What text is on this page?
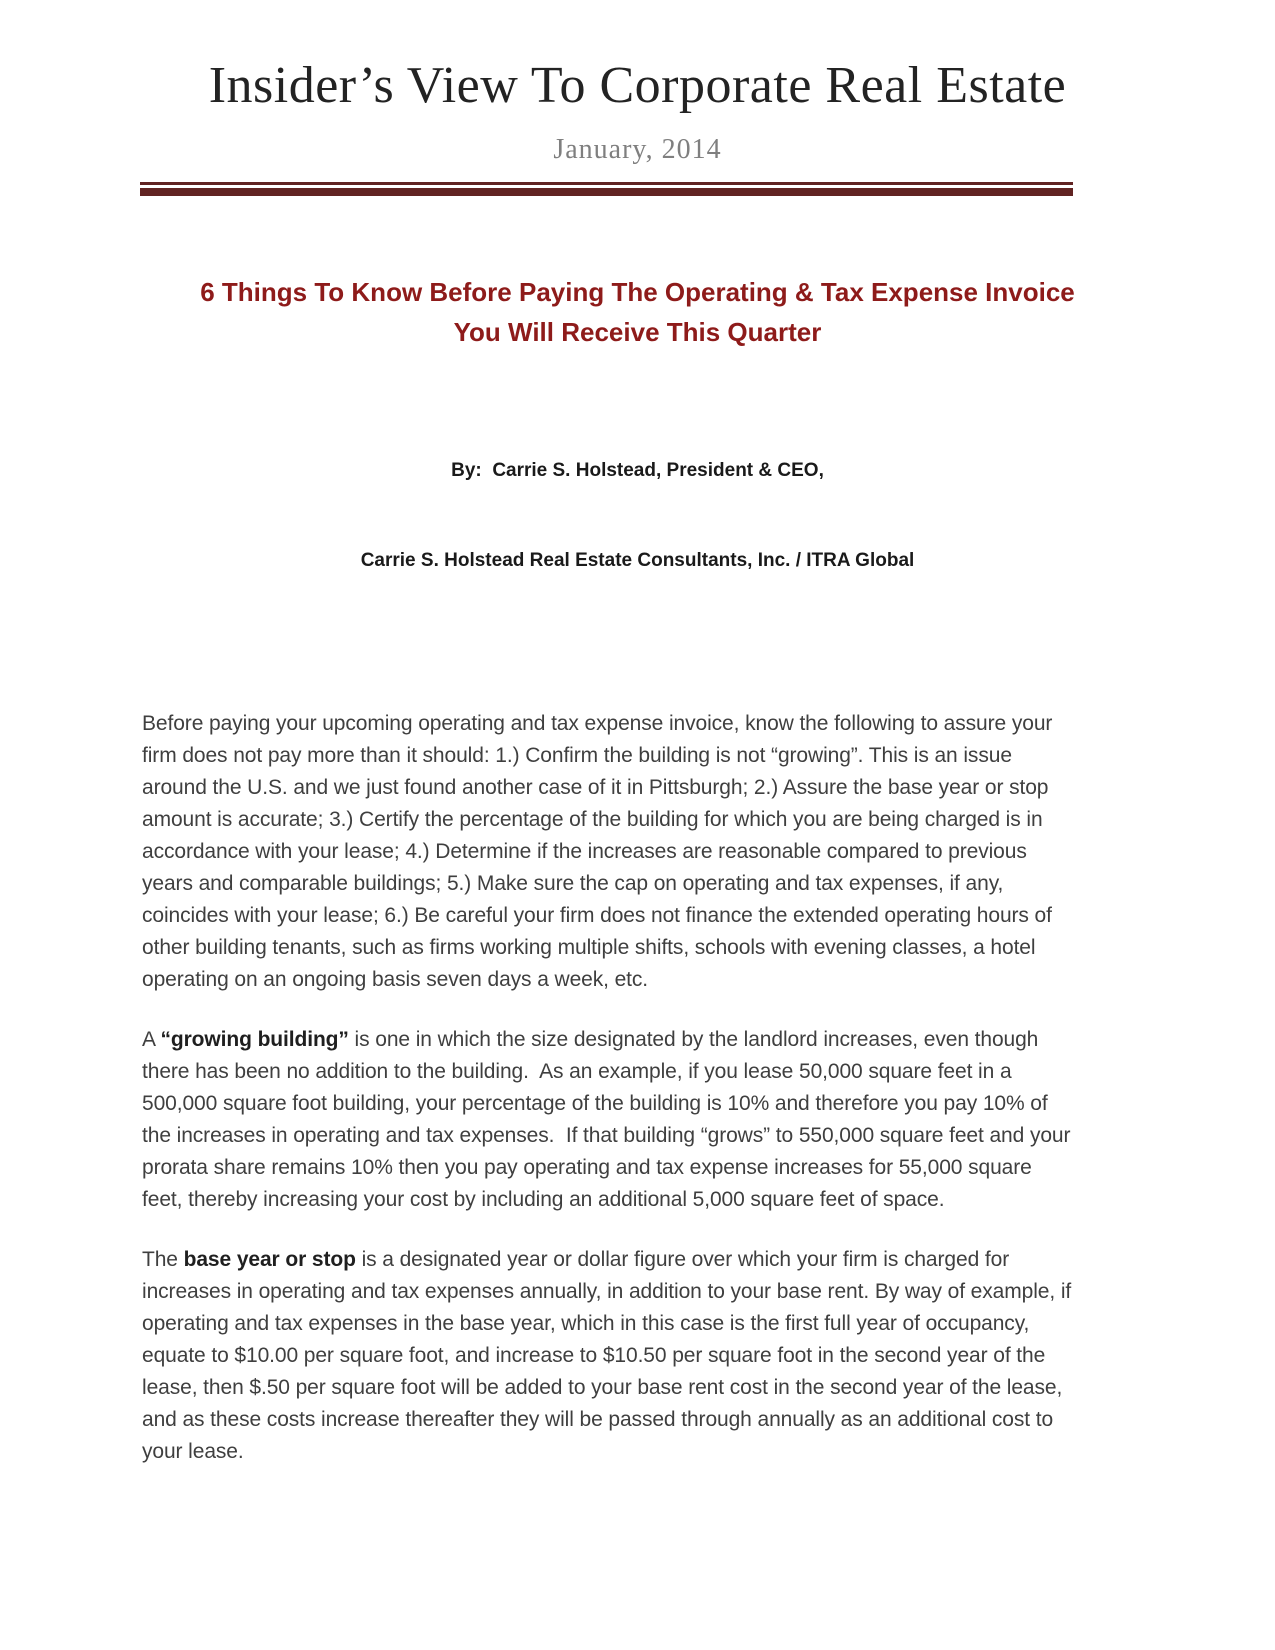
Insider’s View To Corporate Real Estate
January, 2014
6 Things To Know Before Paying The Operating & Tax Expense Invoice
You Will Receive This Quarter

By:  Carrie S. Holstead, President & CEO,

Carrie S. Holstead Real Estate Consultants, Inc. / ITRA Global

Before paying your upcoming operating and tax expense invoice, know the following to assure your firm does not pay more than it should: 1.) Confirm the building is not “growing”. This is an issue around the U.S. and we just found another case of it in Pittsburgh; 2.) Assure the base year or stop amount is accurate; 3.) Certify the percentage of the building for which you are being charged is in accordance with your lease; 4.) Determine if the increases are reasonable compared to previous years and comparable buildings; 5.) Make sure the cap on operating and tax expenses, if any, coincides with your lease; 6.) Be careful your firm does not finance the extended operating hours of other building tenants, such as firms working multiple shifts, schools with evening classes, a hotel operating on an ongoing basis seven days a week, etc.

A “growing building” is one in which the size designated by the landlord increases, even though there has been no addition to the building.  As an example, if you lease 50,000 square feet in a 500,000 square foot building, your percentage of the building is 10% and therefore you pay 10% of the increases in operating and tax expenses.  If that building “grows” to 550,000 square feet and your prorata share remains 10% then you pay operating and tax expense increases for 55,000 square feet, thereby increasing your cost by including an additional 5,000 square feet of space.

The base year or stop is a designated year or dollar figure over which your firm is charged for increases in operating and tax expenses annually, in addition to your base rent. By way of example, if operating and tax expenses in the base year, which in this case is the first full year of occupancy, equate to $10.00 per square foot, and increase to $10.50 per square foot in the second year of the lease, then $.50 per square foot will be added to your base rent cost in the second year of the lease, and as these costs increase thereafter they will be passed through annually as an additional cost to your lease.
